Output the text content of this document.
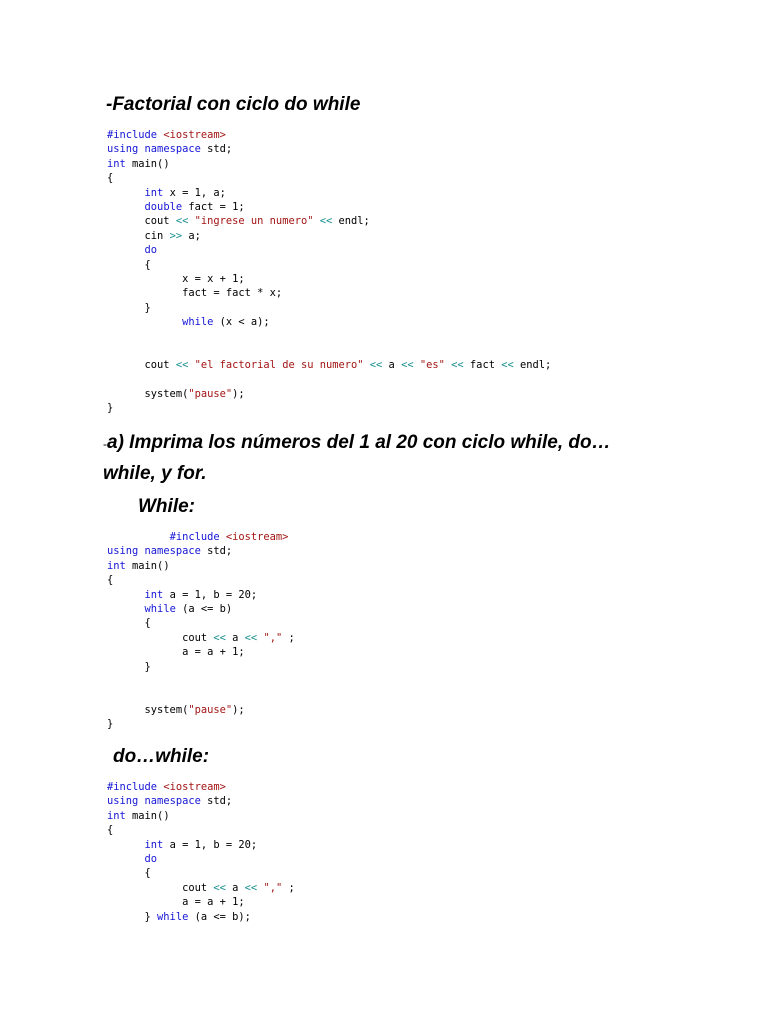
-Factorial con ciclo do while
#include <iostream>
using namespace std;
int main()
{
int x = 1, a;
double fact = 1;
cout << "ingrese un numero" << endl;
cin >> a;
do
{
x = x + 1;
fact = fact * x;
}
while (x < a);
cout << "el factorial de su numero" << a << "es" << fact << endl;
system("pause");
}
-a) Imprima los números del 1 al 20 con ciclo while, do…while, y for.
While:
#include <iostream>
using namespace std;
int main()
{
int a = 1, b = 20;
while (a <= b)
{
cout << a << "," ;
a = a + 1;
}
system("pause");
}
do…while:
#include <iostream>
using namespace std;
int main()
{
int a = 1, b = 20;
do
{
cout << a << "," ;
a = a + 1;
} while (a <= b);
